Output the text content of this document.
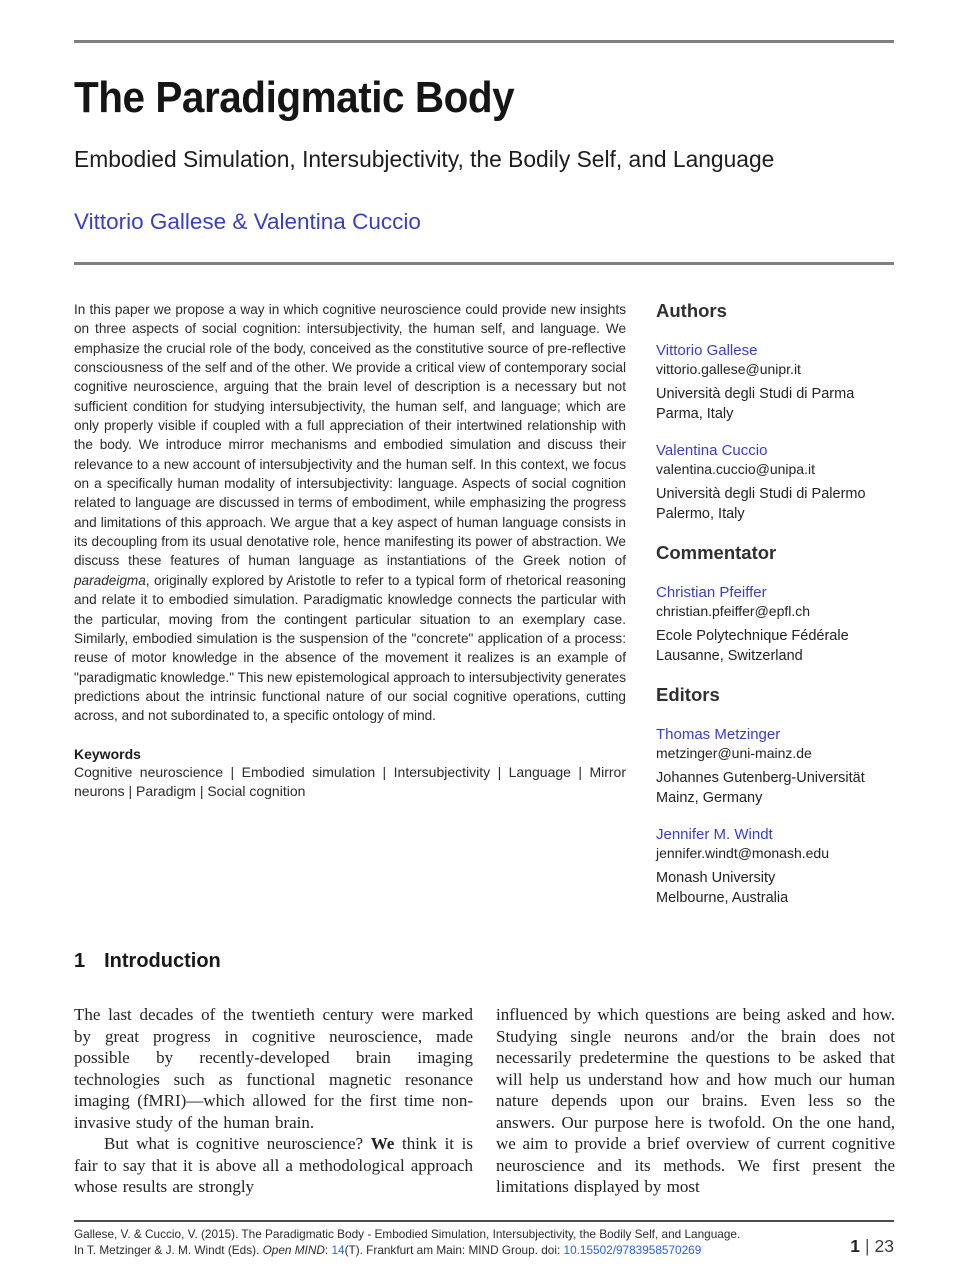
The Paradigmatic Body
Embodied Simulation, Intersubjectivity, the Bodily Self, and Language
Vittorio Gallese & Valentina Cuccio

In this paper we propose a way in which cognitive neuroscience could provide new insights on three aspects of social cognition: intersubjectivity, the human self, and language. We emphasize the crucial role of the body, conceived as the constitutive source of pre-reflective consciousness of the self and of the other. We provide a critical view of contemporary social cognitive neuroscience, arguing that the brain level of description is a necessary but not sufficient condition for studying intersubjectivity, the human self, and language; which are only properly visible if coupled with a full appreciation of their intertwined relationship with the body. We introduce mirror mechanisms and embodied simulation and discuss their relevance to a new account of intersubjectivity and the human self. In this context, we focus on a specifically human modality of intersubjectivity: language. Aspects of social cognition related to language are discussed in terms of embodiment, while emphasizing the progress and limitations of this approach. We argue that a key aspect of human language consists in its decoupling from its usual denotative role, hence manifesting its power of abstraction. We discuss these features of human language as instantiations of the Greek notion of paradeigma, originally explored by Aristotle to refer to a typical form of rhetorical reasoning and relate it to embodied simulation. Paradigmatic knowledge connects the particular with the particular, moving from the contingent particular situation to an exemplary case. Similarly, embodied simulation is the suspension of the "concrete" application of a process: reuse of motor knowledge in the absence of the movement it realizes is an example of "paradigmatic knowledge." This new epistemological approach to intersubjectivity generates predictions about the intrinsic functional nature of our social cognitive operations, cutting across, and not subordinated to, a specific ontology of mind.

Keywords
Cognitive neuroscience | Embodied simulation | Intersubjectivity | Language | Mirror neurons | Paradigm | Social cognition
Authors
Vittorio Gallese
vittorio.gallese@unipr.it
Università degli Studi di Parma
Parma, Italy
Valentina Cuccio
valentina.cuccio@unipa.it
Università degli Studi di Palermo
Palermo, Italy
Commentator
Christian Pfeiffer
christian.pfeiffer@epfl.ch
Ecole Polytechnique Fédérale
Lausanne, Switzerland
Editors
Thomas Metzinger
metzinger@uni-mainz.de
Johannes Gutenberg-Universität
Mainz, Germany
Jennifer M. Windt
jennifer.windt@monash.edu
Monash University
Melbourne, Australia
1 Introduction

The last decades of the twentieth century were marked by great progress in cognitive neuroscience, made possible by recently-developed brain imaging technologies such as functional magnetic resonance imaging (fMRI)—which allowed for the first time non-invasive study of the human brain.

But what is cognitive neuroscience? We think it is fair to say that it is above all a methodological approach whose results are strongly

influenced by which questions are being asked and how. Studying single neurons and/or the brain does not necessarily predetermine the questions to be asked that will help us understand how and how much our human nature depends upon our brains. Even less so the answers. Our purpose here is twofold. On the one hand, we aim to provide a brief overview of current cognitive neuroscience and its methods. We first present the limitations displayed by most

Gallese, V. & Cuccio, V. (2015). The Paradigmatic Body - Embodied Simulation, Intersubjectivity, the Bodily Self, and Language.
In T. Metzinger & J. M. Windt (Eds). Open MIND: 14(T). Frankfurt am Main: MIND Group. doi: 10.15502/9783958570269	1 | 23
